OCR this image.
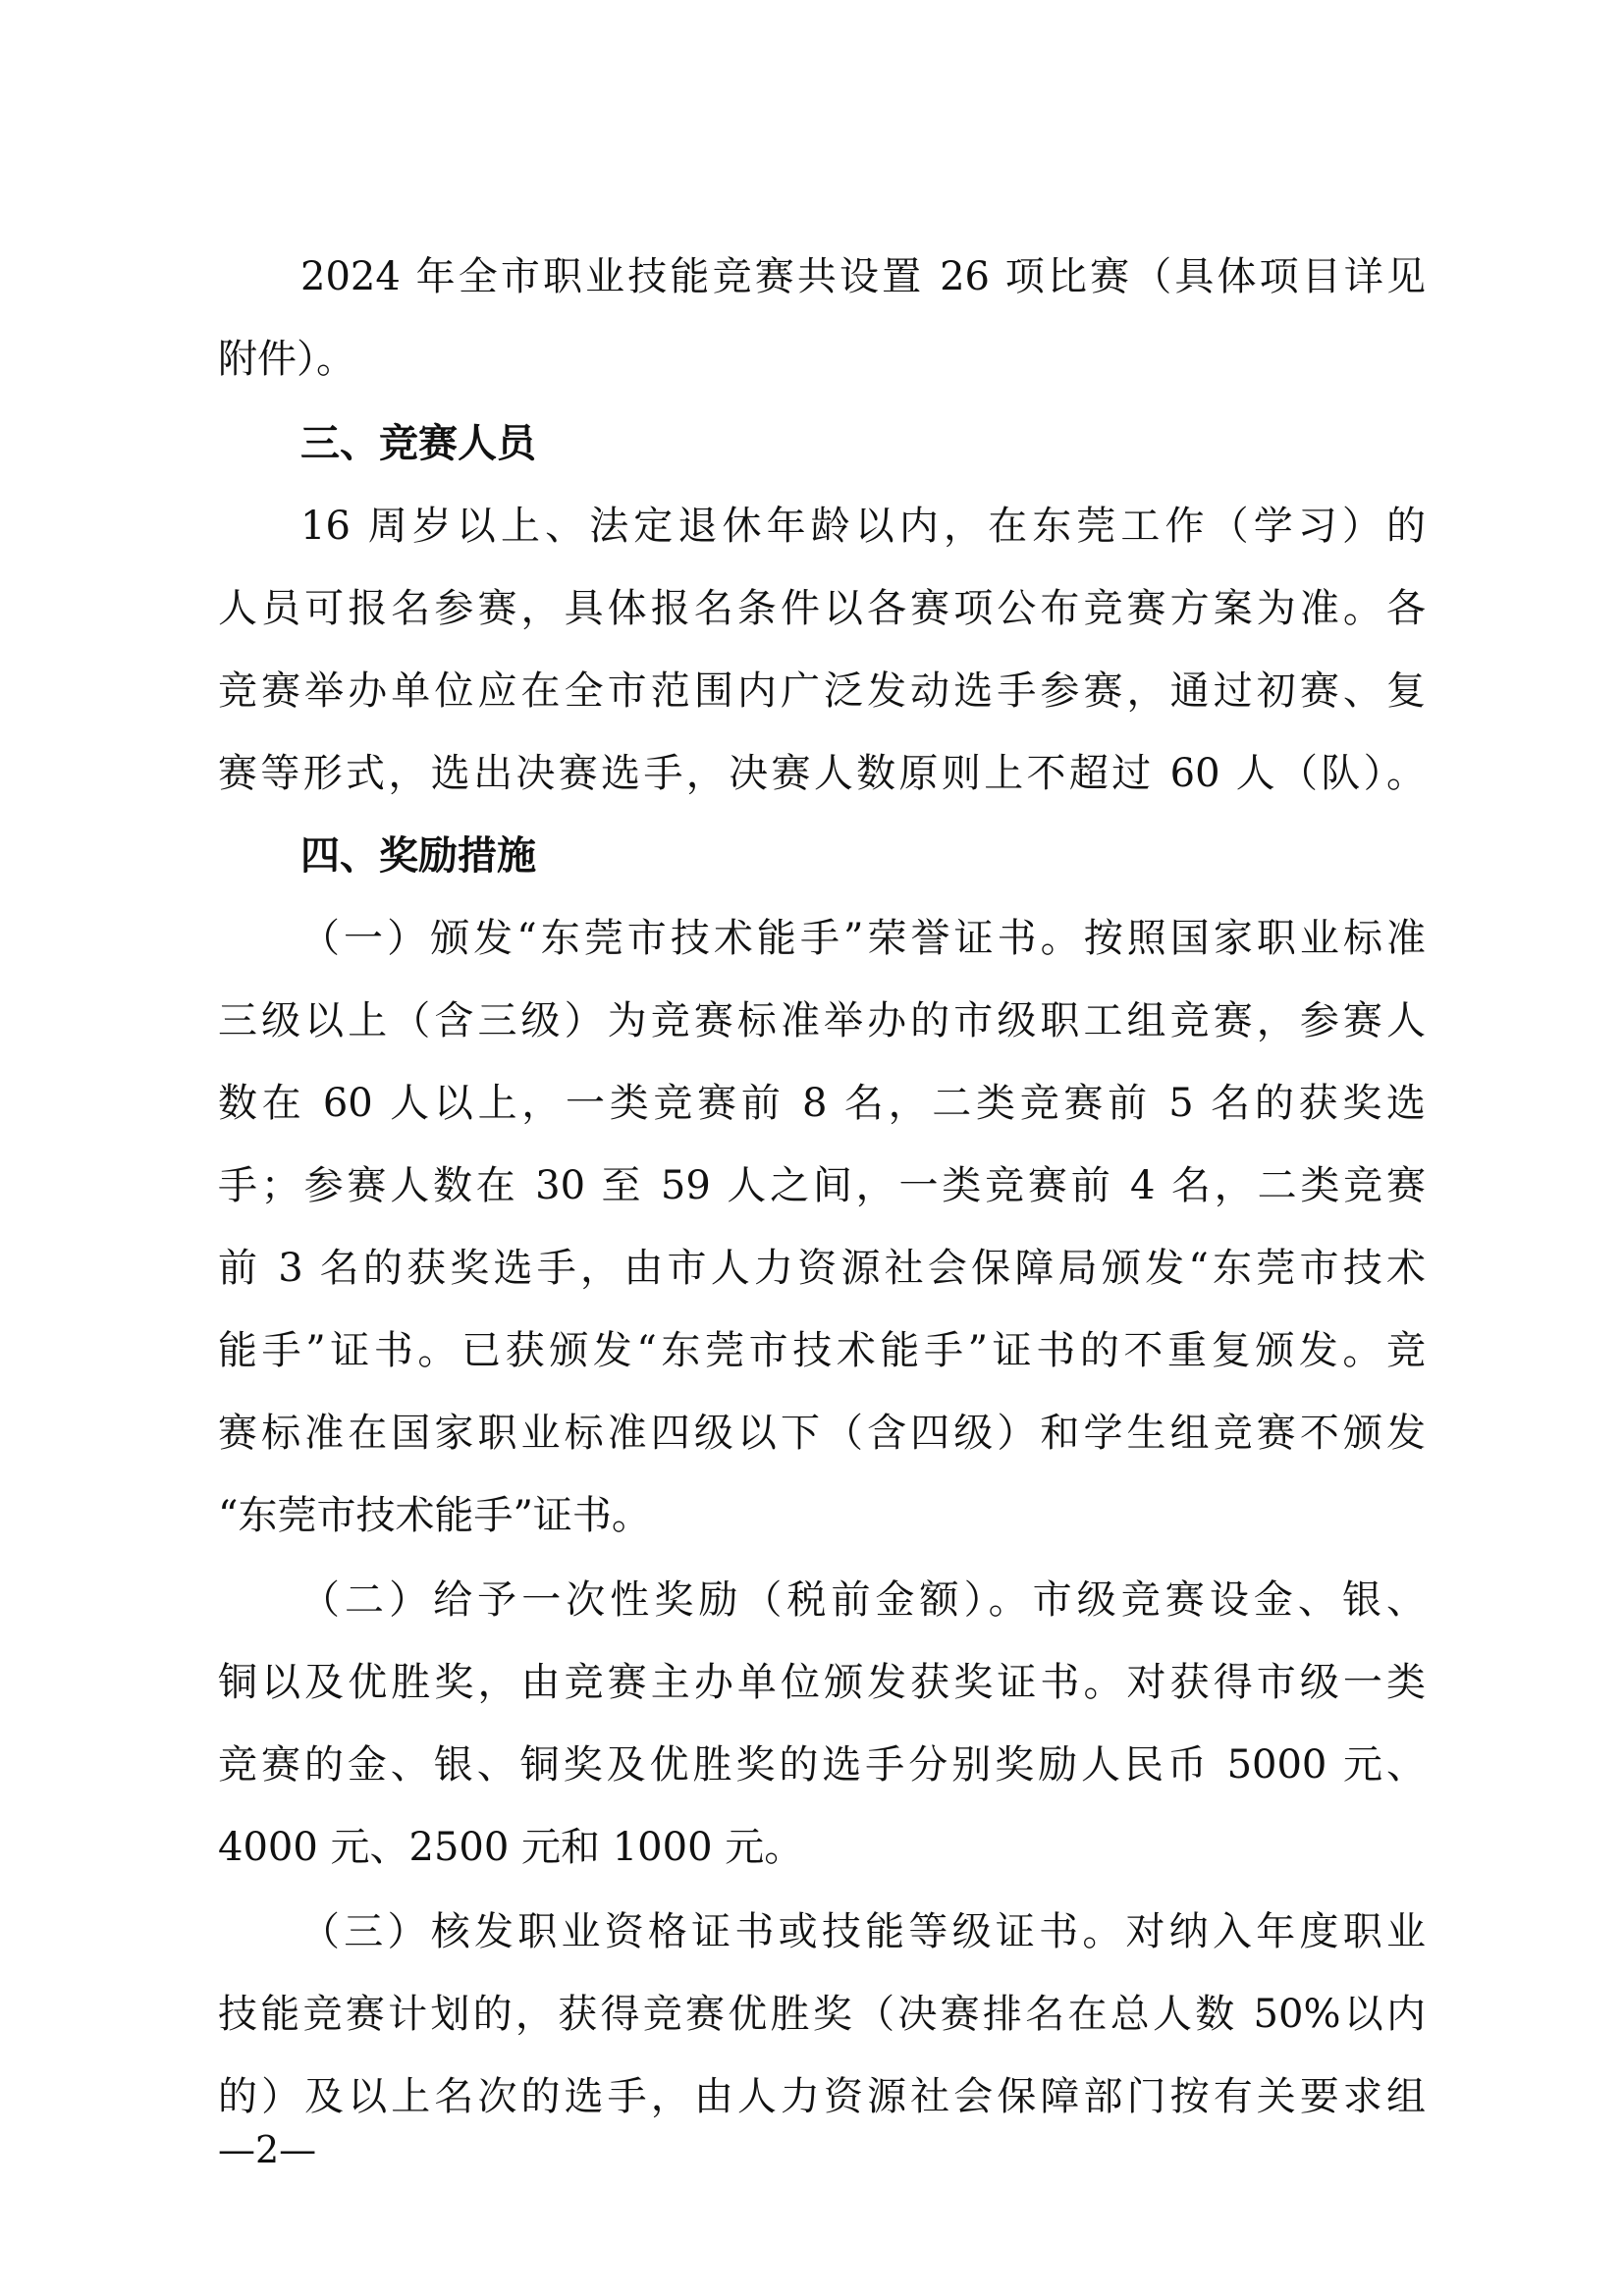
2024 年全市职业技能竞赛共设置 26 项比赛（具体项目详见
附件）。
三、竞赛人员
16 周岁以上、法定退休年龄以内，在东莞工作（学习）的
人员可报名参赛，具体报名条件以各赛项公布竞赛方案为准。各
竞赛举办单位应在全市范围内广泛发动选手参赛，通过初赛、复
赛等形式，选出决赛选手，决赛人数原则上不超过 60 人（队）。
四、奖励措施
（一）颁发“东莞市技术能手”荣誉证书。按照国家职业标准
三级以上（含三级）为竞赛标准举办的市级职工组竞赛，参赛人
数在 60 人以上，一类竞赛前 8 名，二类竞赛前 5 名的获奖选
手；参赛人数在 30 至 59 人之间，一类竞赛前 4 名，二类竞赛
前 3 名的获奖选手，由市人力资源社会保障局颁发“东莞市技术
能手”证书。已获颁发“东莞市技术能手”证书的不重复颁发。竞
赛标准在国家职业标准四级以下（含四级）和学生组竞赛不颁发
“东莞市技术能手”证书。
（二）给予一次性奖励（税前金额）。市级竞赛设金、银、
铜以及优胜奖，由竞赛主办单位颁发获奖证书。对获得市级一类
竞赛的金、银、铜奖及优胜奖的选手分别奖励人民币 5000 元、
4000 元、2500 元和 1000 元。
（三）核发职业资格证书或技能等级证书。对纳入年度职业
技能竞赛计划的，获得竞赛优胜奖（决赛排名在总人数 50%以内
的）及以上名次的选手，由人力资源社会保障部门按有关要求组
—2—
